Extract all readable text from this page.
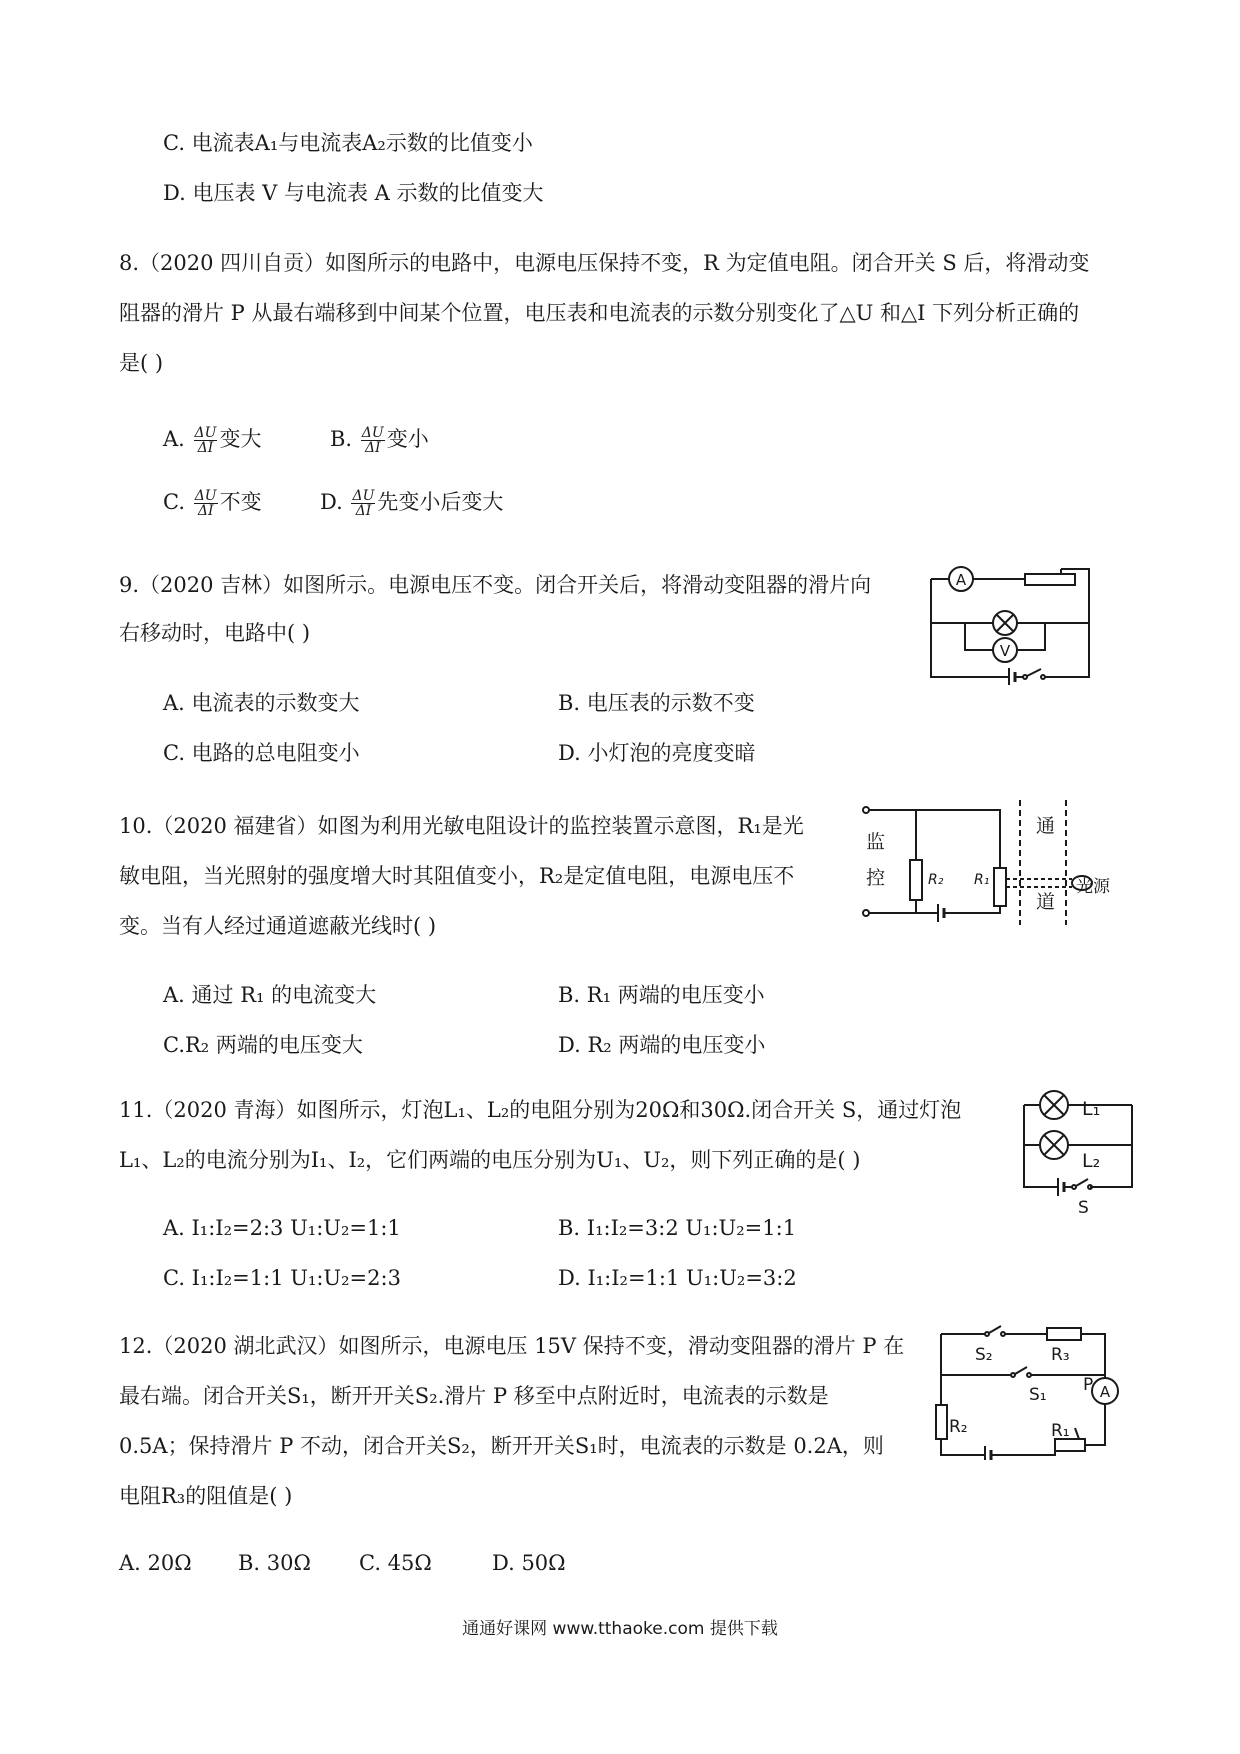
C. 电流表A₁与电流表A₂示数的比值变小
D. 电压表 V 与电流表 A 示数的比值变大
8.（2020 四川自贡）如图所示的电路中，电源电压保持不变，R 为定值电阻。闭合开关 S 后，将滑动变
阻器的滑片 P 从最右端移到中间某个位置，电压表和电流表的示数分别变化了△U 和△I 下列分析正确的
是( )
A. $\frac{\Delta U}{\Delta I}$ 变大	B. $\frac{\Delta U}{\Delta I}$ 变小
C. $\frac{\Delta U}{\Delta I}$ 不变	D. $\frac{\Delta U}{\Delta I}$ 先变小后变大
9.（2020 吉林）如图所示。电源电压不变。闭合开关后，将滑动变阻器的滑片向
右移动时，电路中( )
A. 电流表的示数变大	B. 电压表的示数不变
C. 电路的总电阻变小	D. 小灯泡的亮度变暗
A
V
10.（2020 福建省）如图为利用光敏电阻设计的监控装置示意图，R₁是光
敏电阻，当光照射的强度增大时其阻值变小，R₂是定值电阻，电源电压不
变。当有人经过通道遮蔽光线时( )
A. 通过 R₁ 的电流变大	B. R₁ 两端的电压变小
C.R₂ 两端的电压变大	D. R₂ 两端的电压变小
监
控	R₂ R₁
通
道
光源
11.（2020 青海）如图所示，灯泡L₁、L₂的电阻分别为20Ω和30Ω.闭合开关 S，通过灯泡
L₁、L₂的电流分别为I₁、I₂，它们两端的电压分别为U₁、U₂，则下列正确的是( )
A. I₁:I₂=2:3 U₁:U₂=1:1	B. I₁:I₂=3:2 U₁:U₂=1:1
C. I₁:I₂=1:1 U₁:U₂=2:3	D. I₁:I₂=1:1 U₁:U₂=3:2
L₁
L₂
S
12.（2020 湖北武汉）如图所示，电源电压 15V 保持不变，滑动变阻器的滑片 P 在
最右端。闭合开关S₁，断开开关S₂.滑片 P 移至中点附近时，电流表的示数是
0.5A；保持滑片 P 不动，闭合开关S₂，断开开关S₁时，电流表的示数是 0.2A，则
电阻R₃的阻值是( )
A. 20Ω B. 30Ω C. 45Ω	D. 50Ω
S₂	R₃
S₁ P A
R₂	R₁
通通好课网 www.tthaoke.com 提供下载
